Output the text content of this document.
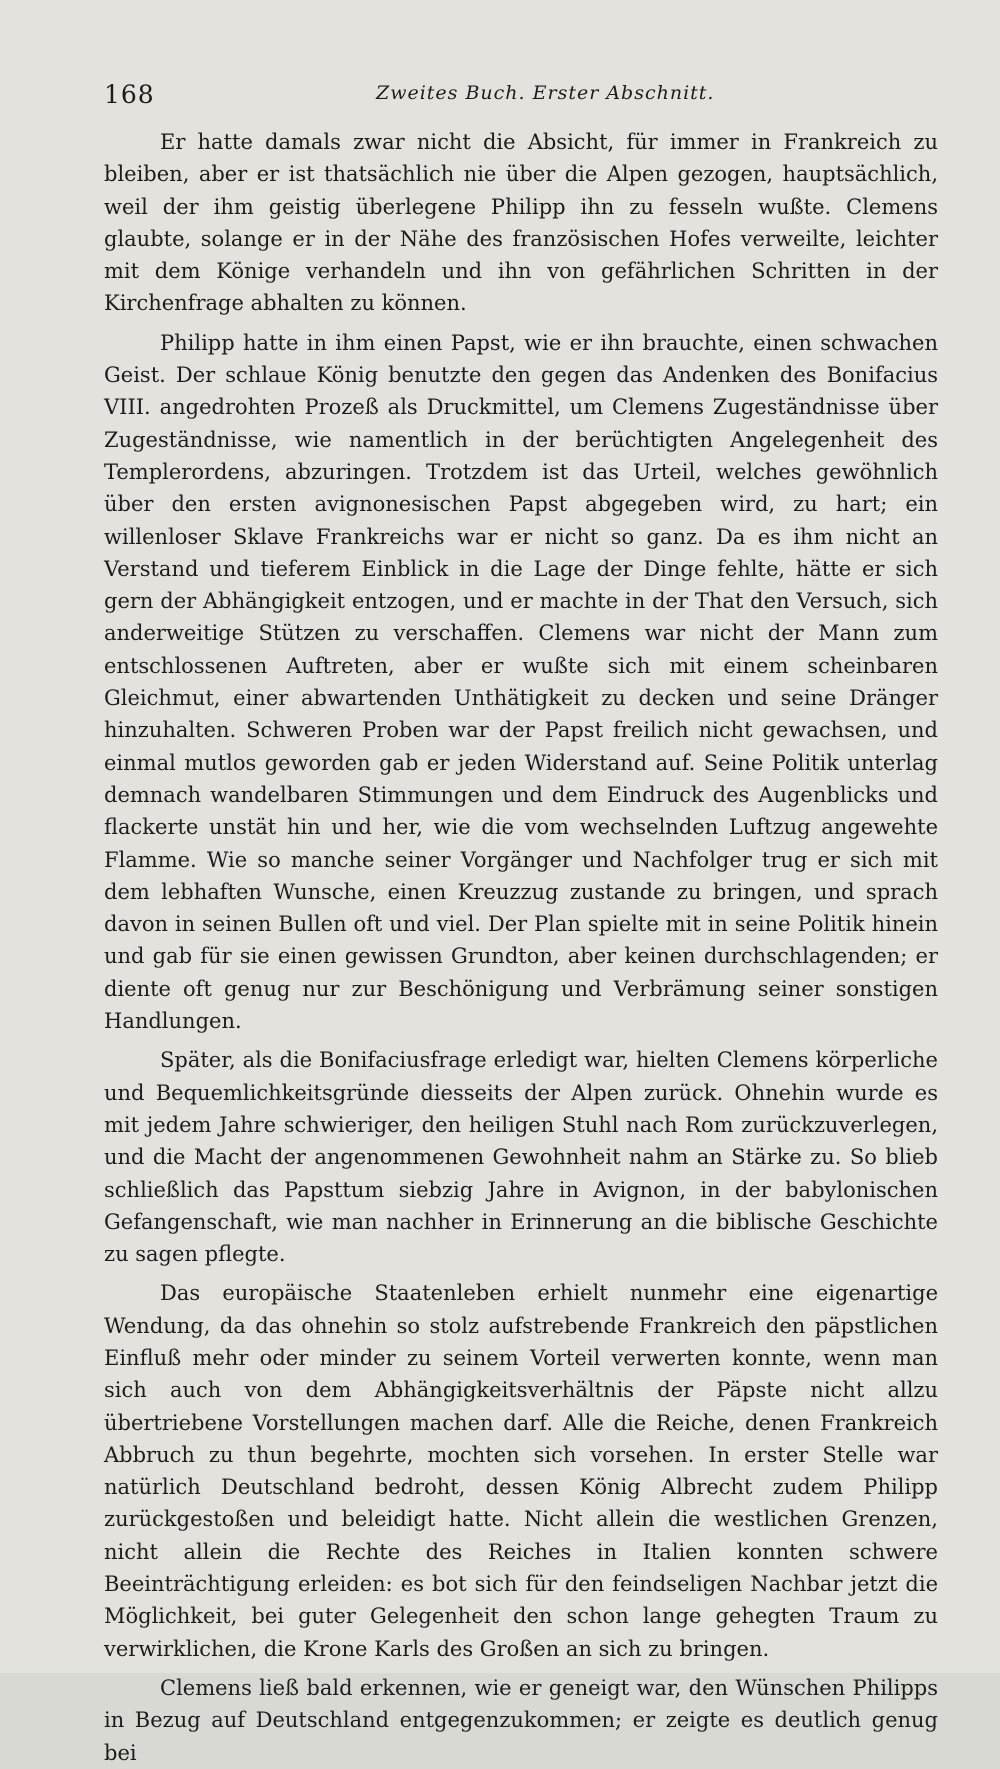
168	Zweites Buch. Erster Abschnitt.

Er hatte damals zwar nicht die Absicht, für immer in Frankreich zu bleiben, aber er ist thatsächlich nie über die Alpen gezogen, hauptsächlich, weil der ihm geistig überlegene Philipp ihn zu fesseln wußte. Clemens glaubte, solange er in der Nähe des französischen Hofes verweilte, leichter mit dem Könige verhandeln und ihn von gefährlichen Schritten in der Kirchenfrage abhalten zu können.

Philipp hatte in ihm einen Papst, wie er ihn brauchte, einen schwachen Geist. Der schlaue König benutzte den gegen das Andenken des Bonifacius VIII. angedrohten Prozeß als Druckmittel, um Clemens Zugeständnisse über Zugeständnisse, wie namentlich in der berüchtigten Angelegenheit des Templerordens, abzuringen. Trotzdem ist das Urteil, welches gewöhnlich über den ersten avignonesischen Papst abgegeben wird, zu hart; ein willenloser Sklave Frankreichs war er nicht so ganz. Da es ihm nicht an Verstand und tieferem Einblick in die Lage der Dinge fehlte, hätte er sich gern der Abhängigkeit entzogen, und er machte in der That den Versuch, sich anderweitige Stützen zu verschaffen. Clemens war nicht der Mann zum entschlossenen Auftreten, aber er wußte sich mit einem scheinbaren Gleichmut, einer abwartenden Unthätigkeit zu decken und seine Dränger hinzuhalten. Schweren Proben war der Papst freilich nicht gewachsen, und einmal mutlos geworden gab er jeden Widerstand auf. Seine Politik unterlag demnach wandelbaren Stimmungen und dem Eindruck des Augenblicks und flackerte unstät hin und her, wie die vom wechselnden Luftzug angewehte Flamme. Wie so manche seiner Vorgänger und Nachfolger trug er sich mit dem lebhaften Wunsche, einen Kreuzzug zustande zu bringen, und sprach davon in seinen Bullen oft und viel. Der Plan spielte mit in seine Politik hinein und gab für sie einen gewissen Grundton, aber keinen durchschlagenden; er diente oft genug nur zur Beschönigung und Verbrämung seiner sonstigen Handlungen.

Später, als die Bonifaciusfrage erledigt war, hielten Clemens körperliche und Bequemlichkeitsgründe diesseits der Alpen zurück. Ohnehin wurde es mit jedem Jahre schwieriger, den heiligen Stuhl nach Rom zurückzuverlegen, und die Macht der angenommenen Gewohnheit nahm an Stärke zu. So blieb schließlich das Papsttum siebzig Jahre in Avignon, in der babylonischen Gefangenschaft, wie man nachher in Erinnerung an die biblische Geschichte zu sagen pflegte.

Das europäische Staatenleben erhielt nunmehr eine eigenartige Wendung, da das ohnehin so stolz aufstrebende Frankreich den päpstlichen Einfluß mehr oder minder zu seinem Vorteil verwerten konnte, wenn man sich auch von dem Abhängigkeitsverhältnis der Päpste nicht allzu übertriebene Vorstellungen machen darf. Alle die Reiche, denen Frankreich Abbruch zu thun begehrte, mochten sich vorsehen. In erster Stelle war natürlich Deutschland bedroht, dessen König Albrecht zudem Philipp zurückgestoßen und beleidigt hatte. Nicht allein die westlichen Grenzen, nicht allein die Rechte des Reiches in Italien konnten schwere Beeinträchtigung erleiden: es bot sich für den feindseligen Nachbar jetzt die Möglichkeit, bei guter Gelegenheit den schon lange gehegten Traum zu verwirklichen, die Krone Karls des Großen an sich zu bringen.

Clemens ließ bald erkennen, wie er geneigt war, den Wünschen Philipps in Bezug auf Deutschland entgegenzukommen; er zeigte es deutlich genug bei
